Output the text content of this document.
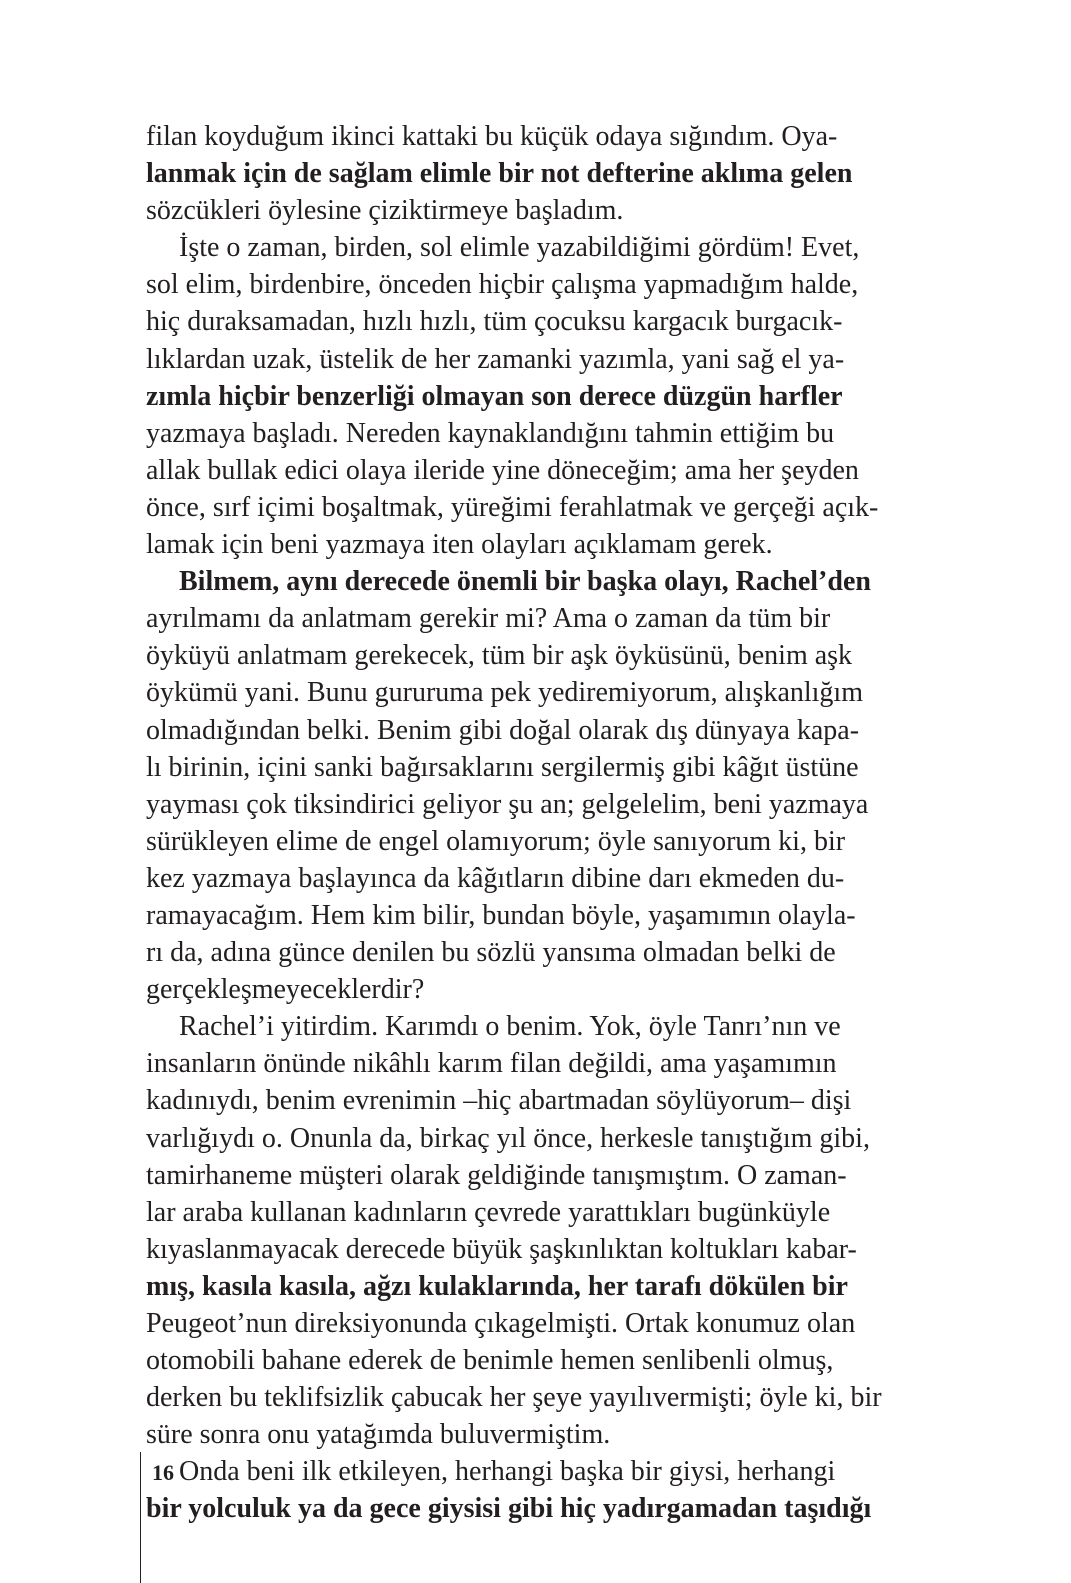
filan koyduğum ikinci kattaki bu küçük odaya sığındım. Oya-
lanmak için de sağlam elimle bir not defterine aklıma gelen
sözcükleri öylesine çiziktirmeye başladım.
İşte o zaman, birden, sol elimle yazabildiğimi gördüm! Evet,
sol elim, birdenbire, önceden hiçbir çalışma yapmadığım halde,
hiç duraksamadan, hızlı hızlı, tüm çocuksu kargacık burgacık-
lıklardan uzak, üstelik de her zamanki yazımla, yani sağ el ya-
zımla hiçbir benzerliği olmayan son derece düzgün harfler
yazmaya başladı. Nereden kaynaklandığını tahmin ettiğim bu
allak bullak edici olaya ileride yine döneceğim; ama her şeyden
önce, sırf içimi boşaltmak, yüreğimi ferahlatmak ve gerçeği açık-
lamak için beni yazmaya iten olayları açıklamam gerek.
Bilmem, aynı derecede önemli bir başka olayı, Rachel’den
ayrılmamı da anlatmam gerekir mi? Ama o zaman da tüm bir
öyküyü anlatmam gerekecek, tüm bir aşk öyküsünü, benim aşk
öykümü yani. Bunu gururuma pek yediremiyorum, alışkanlığım
olmadığından belki. Benim gibi doğal olarak dış dünyaya kapa-
lı birinin, içini sanki bağırsaklarını sergilermiş gibi kâğıt üstüne
yayması çok tiksindirici geliyor şu an; gelgelelim, beni yazmaya
sürükleyen elime de engel olamıyorum; öyle sanıyorum ki, bir
kez yazmaya başlayınca da kâğıtların dibine darı ekmeden du-
ramayacağım. Hem kim bilir, bundan böyle, yaşamımın olayla-
rı da, adına günce denilen bu sözlü yansıma olmadan belki de
gerçekleşmeyeceklerdir?
Rachel’i yitirdim. Karımdı o benim. Yok, öyle Tanrı’nın ve
insanların önünde nikâhlı karım filan değildi, ama yaşamımın
kadınıydı, benim evrenimin –hiç abartmadan söylüyorum– dişi
varlığıydı o. Onunla da, birkaç yıl önce, herkesle tanıştığım gibi,
tamirhaneme müşteri olarak geldiğinde tanışmıştım. O zaman-
lar araba kullanan kadınların çevrede yarattıkları bugünküyle
kıyaslanmayacak derecede büyük şaşkınlıktan koltukları kabar-
mış, kasıla kasıla, ağzı kulaklarında, her tarafı dökülen bir
Peugeot’nun direksiyonunda çıkagelmişti. Ortak konumuz olan
otomobili bahane ederek de benimle hemen senlibenli olmuş,
derken bu teklifsizlik çabucak her şeye yayılıvermişti; öyle ki, bir
süre sonra onu yatağımda buluvermiştim.
Onda beni ilk etkileyen, herhangi başka bir giysi, herhangi
bir yolculuk ya da gece giysisi gibi hiç yadırgamadan taşıdığı
16
